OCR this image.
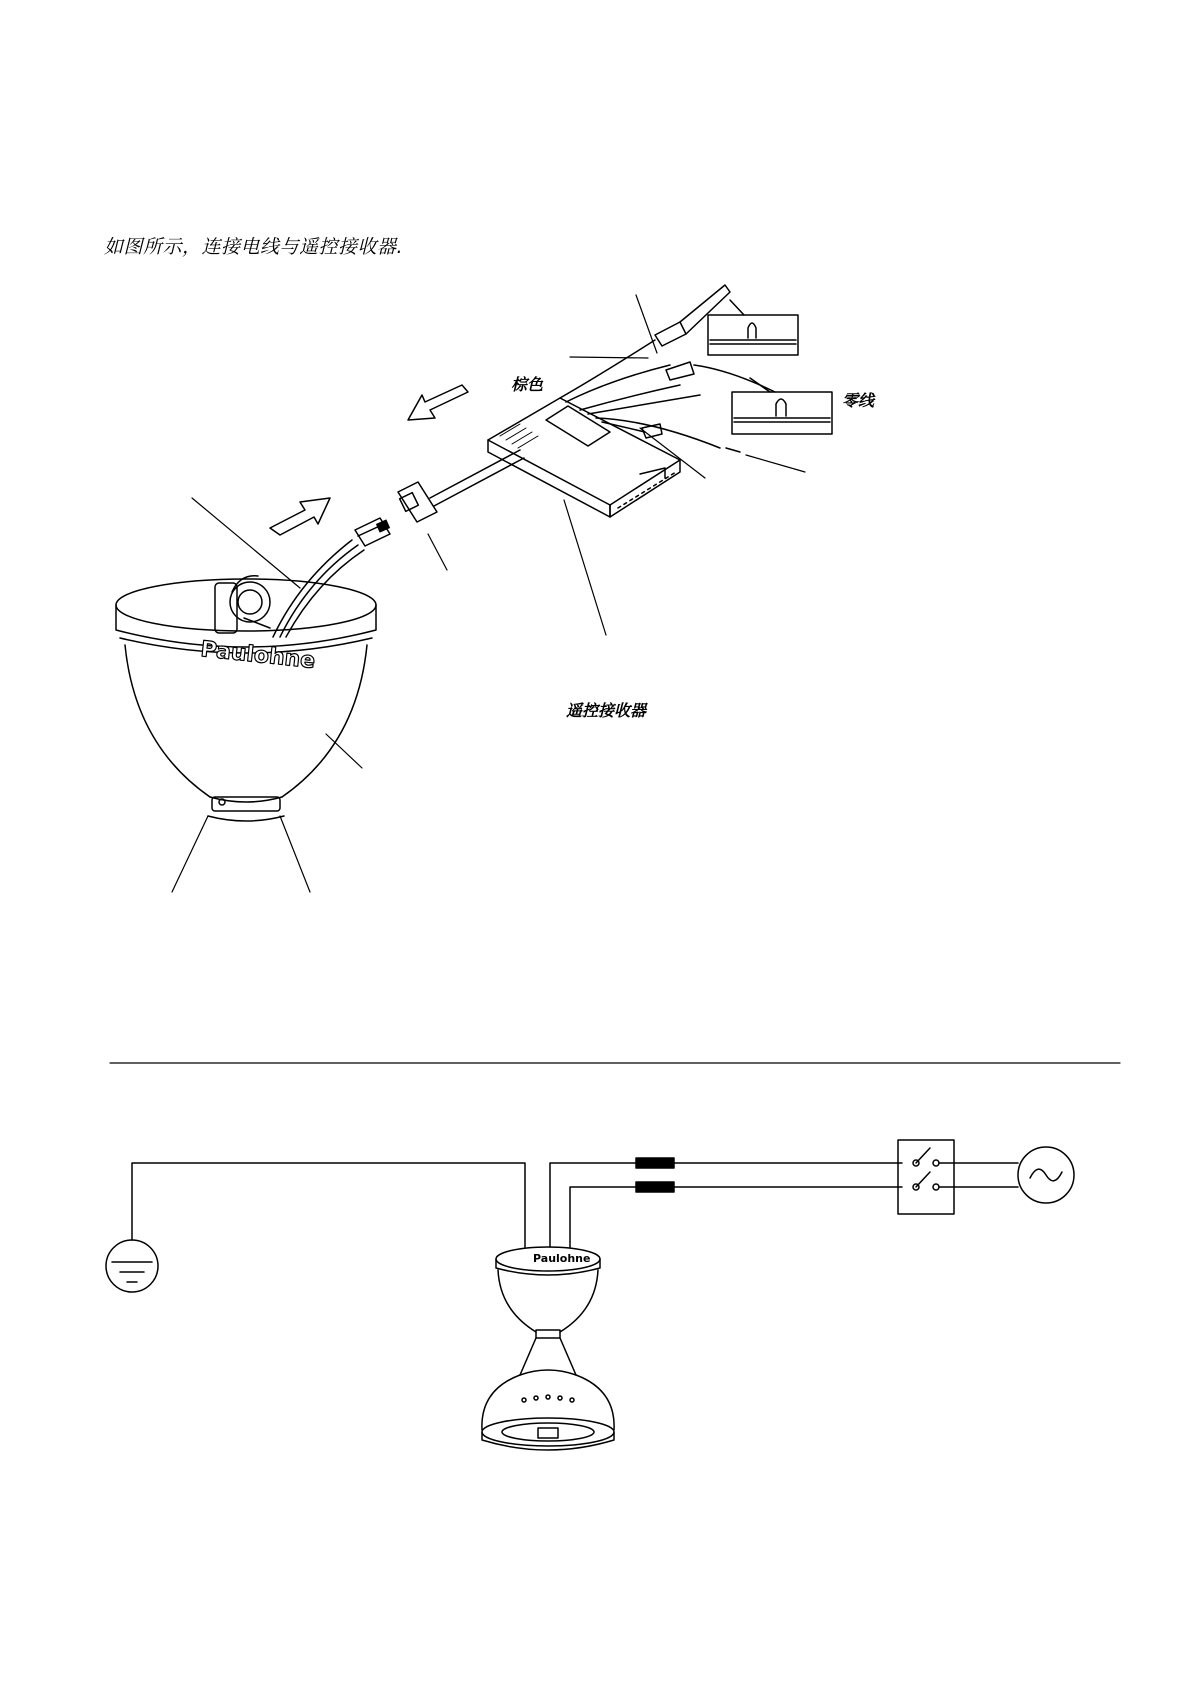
如图所示，连接电线与遥控接收器.
棕色
零线
遥控接收器
Paulohne
Paulohne
